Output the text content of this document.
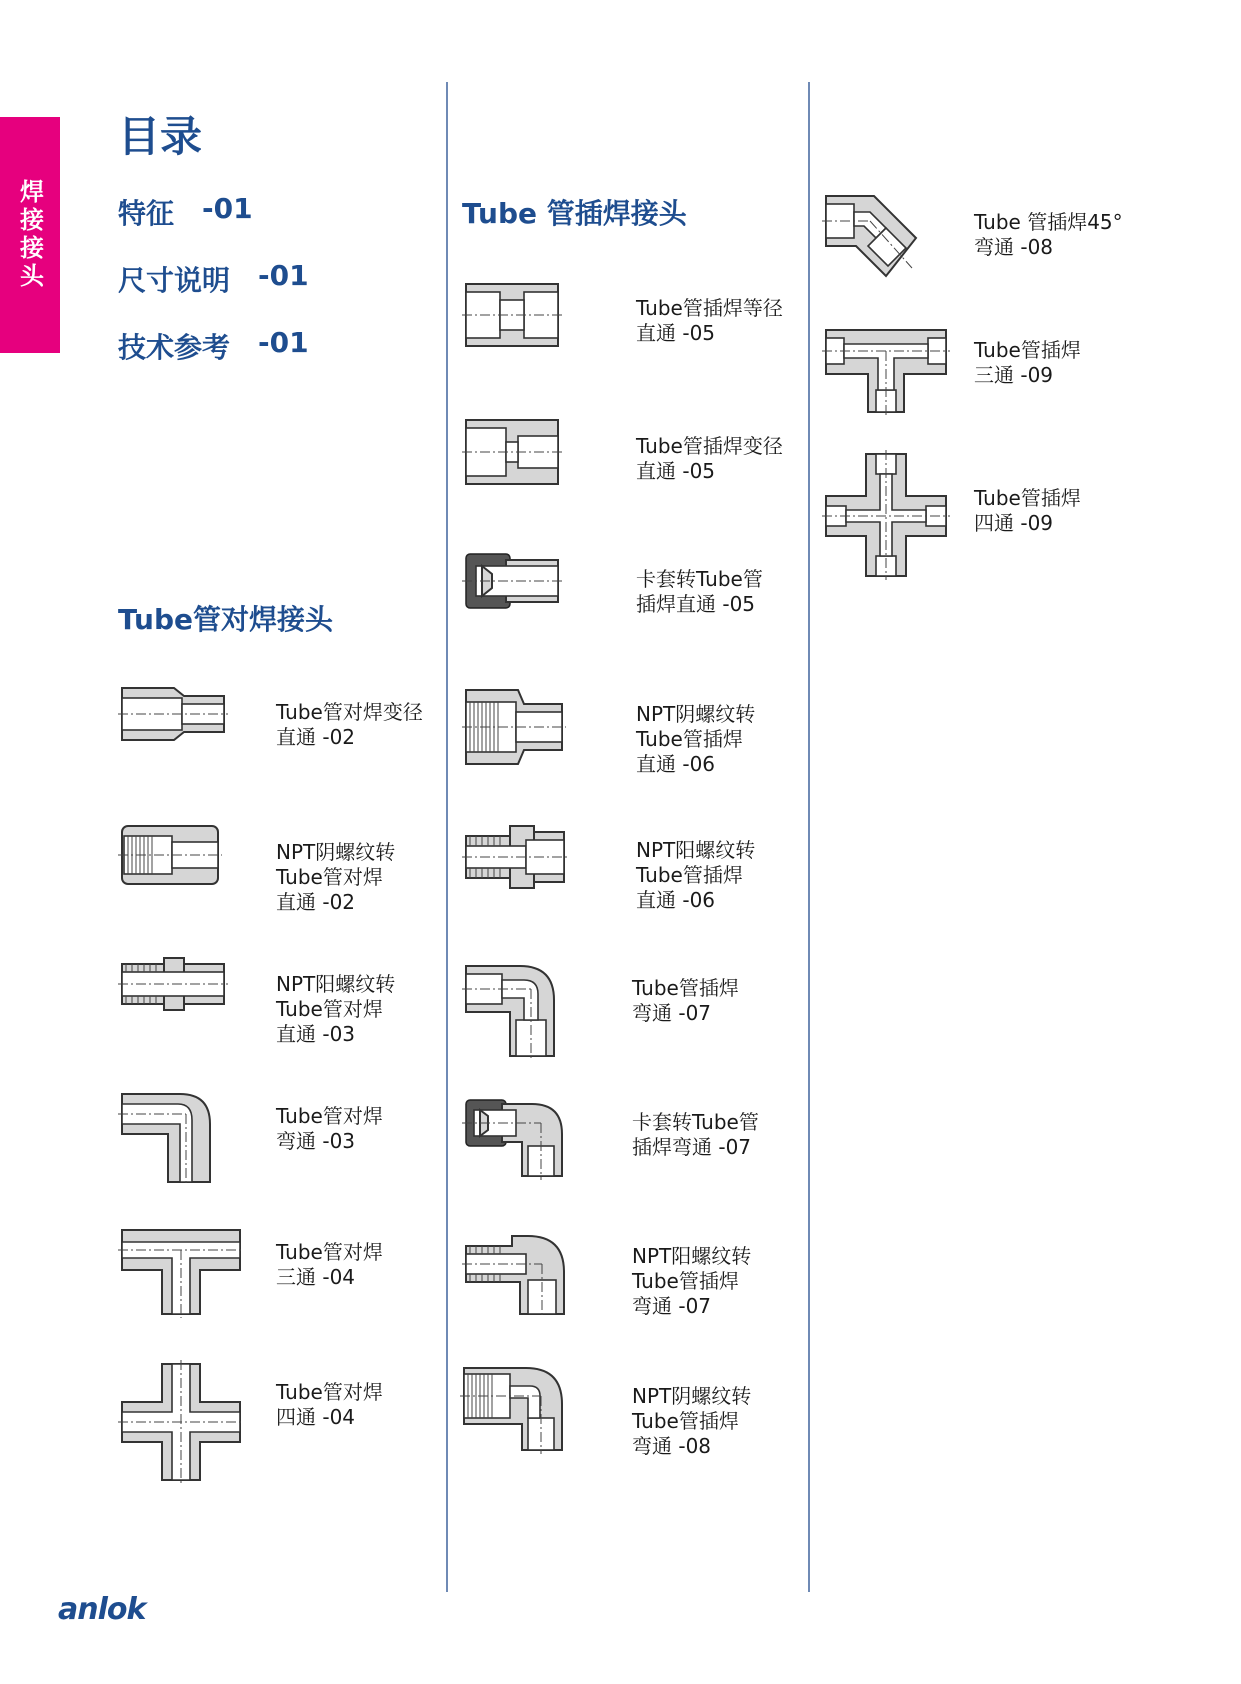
焊接接头
目录
特征 -01
尺寸说明 -01
技术参考 -01
Tube管对焊接头
Tube 管插焊接头
Tube管对焊变径
直通 -02
NPT阴螺纹转
Tube管对焊
直通 -02
NPT阳螺纹转
Tube管对焊
直通 -03
Tube管对焊
弯通 -03
Tube管对焊
三通 -04
Tube管对焊
四通 -04
Tube管插焊等径
直通 -05
Tube管插焊变径
直通 -05
卡套转Tube管
插焊直通 -05
NPT阴螺纹转
Tube管插焊
直通 -06
NPT阳螺纹转
Tube管插焊
直通 -06
Tube管插焊
弯通 -07
卡套转Tube管
插焊弯通 -07
NPT阳螺纹转
Tube管插焊
弯通 -07
NPT阴螺纹转
Tube管插焊
弯通 -08
Tube 管插焊45°
弯通 -08
Tube管插焊
三通 -09
Tube管插焊
四通 -09
anlok
